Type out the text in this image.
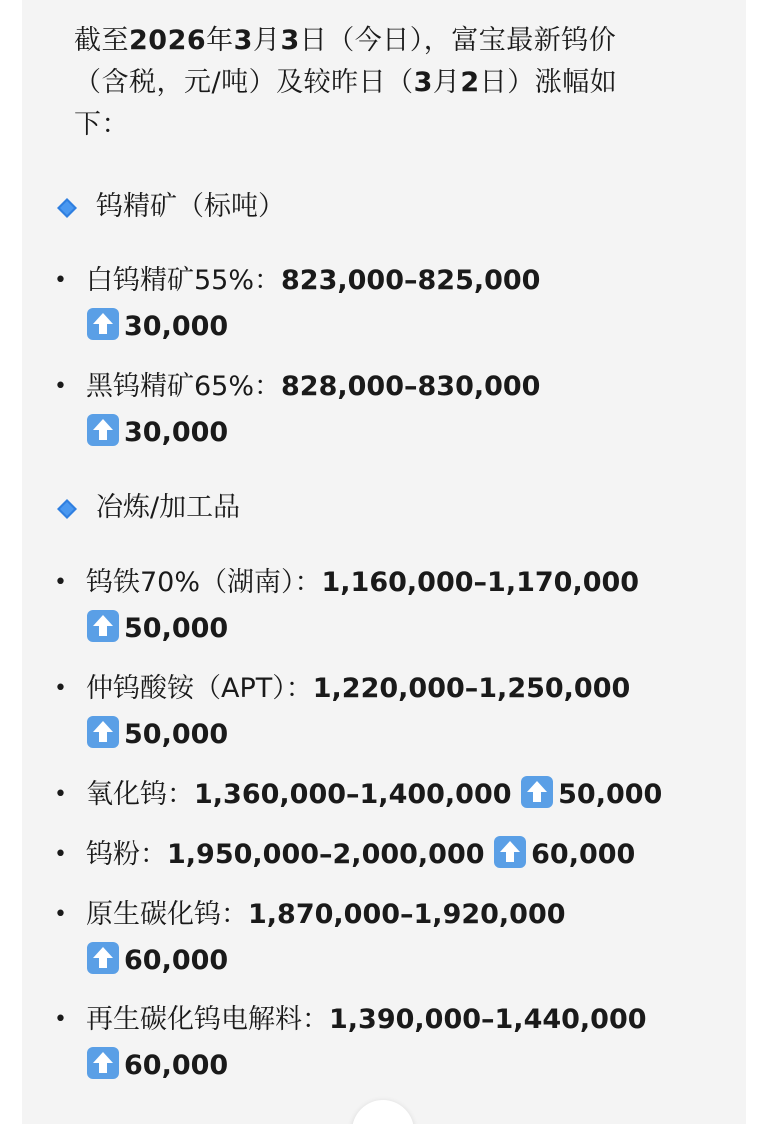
截至2026年3月3日（今日），富宝最新钨价
（含税，元/吨）及较昨日（3月2日）涨幅如
下：

钨精矿（标吨）
• 白钨精矿55%：823,000–825,000

30,000
• 黑钨精矿65%：828,000–830,000

30,000
冶炼/加工品
• 钨铁70%（湖南）：1,160,000–1,170,000

50,000
• 仲钨酸铵（APT）：1,220,000–1,250,000

50,000
• 氧化钨：1,360,000–1,400,000 50,000
• 钨粉：1,950,000–2,000,000 60,000
• 原生碳化钨：1,870,000–1,920,000

60,000
• 再生碳化钨电解料：1,390,000–1,440,000

60,000
